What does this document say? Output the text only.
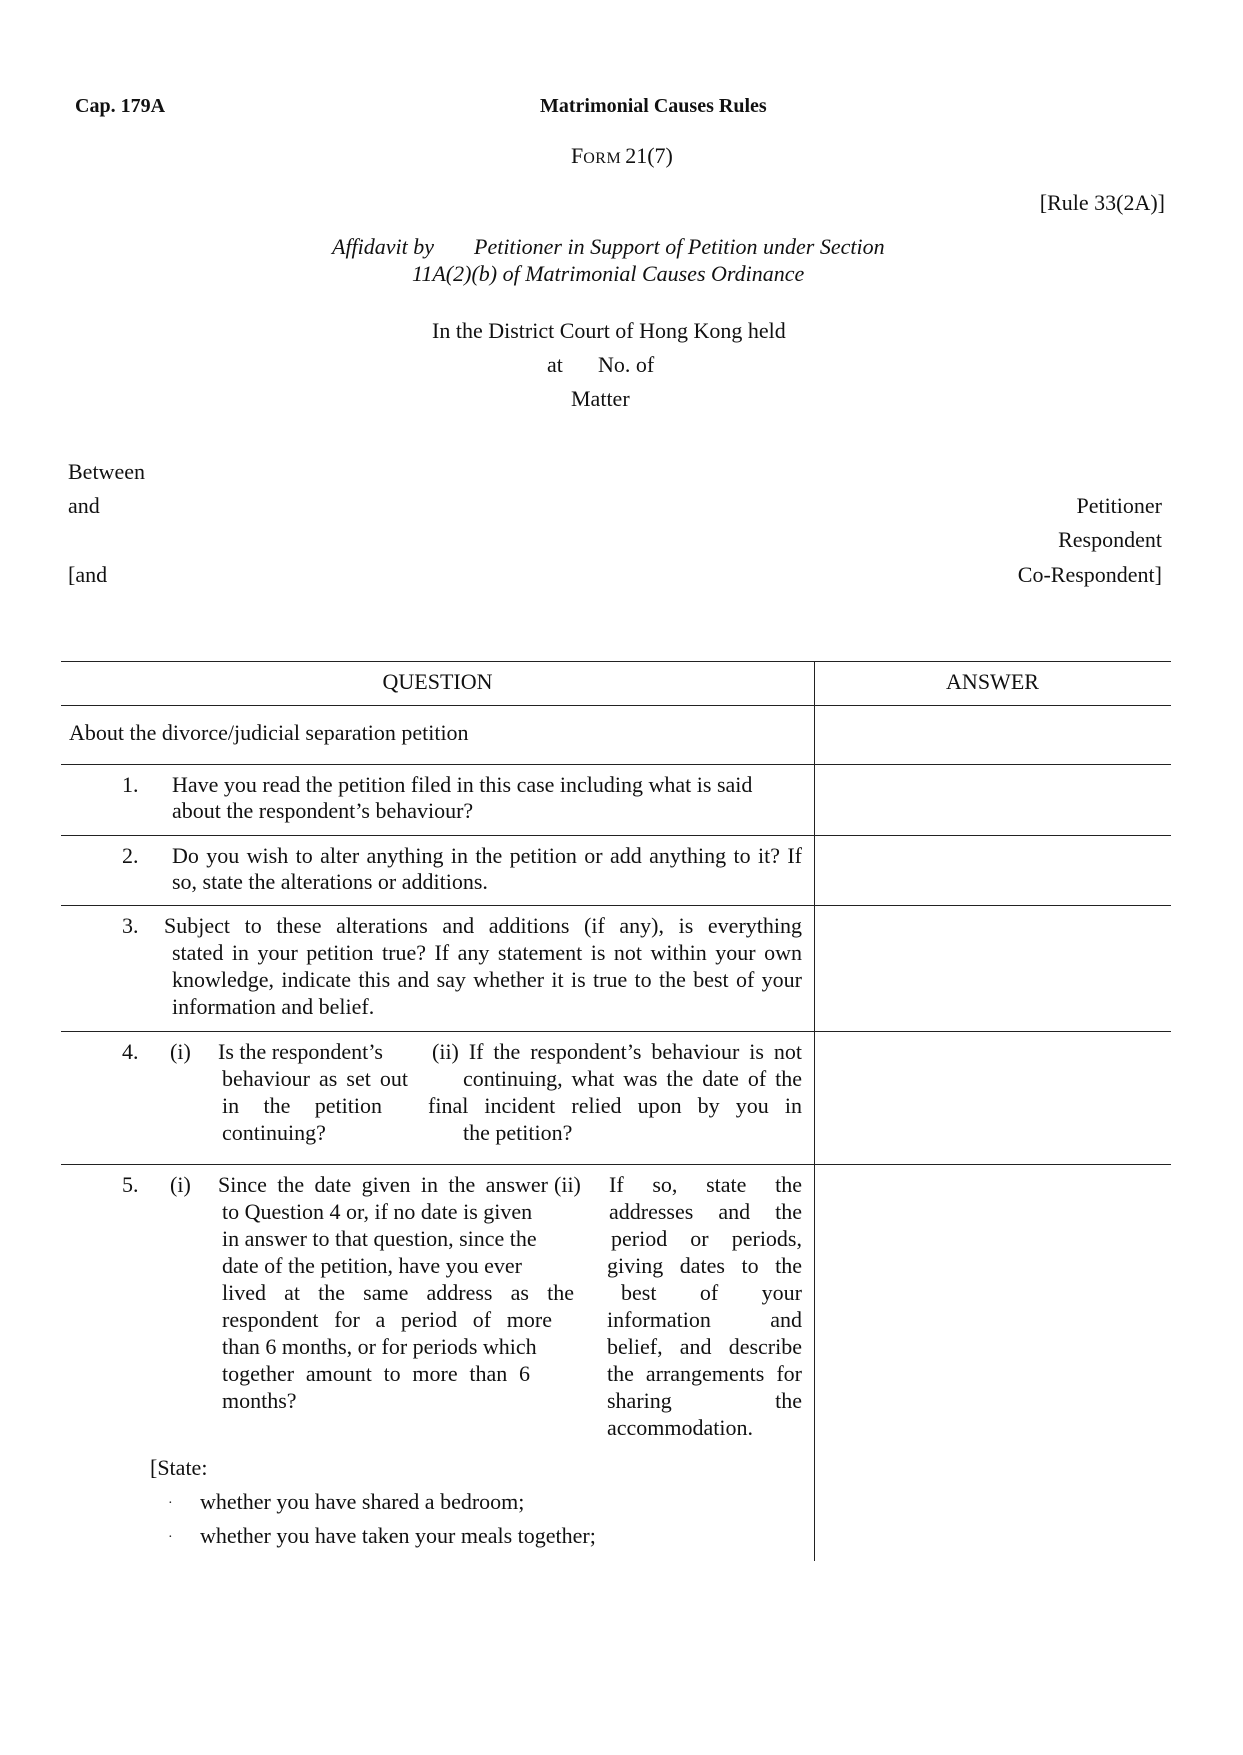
Cap. 179A	Matrimonial Causes Rules
FORM 21(7)
[Rule 33(2A)]
Affidavit by Petitioner in Support of Petition under Section
11A(2)(b) of Matrimonial Causes Ordinance
In the District Court of Hong Kong held
at No. of
Matter
Between
and
[and
Petitioner
Respondent
Co-Respondent]
QUESTION	ANSWER
About the divorce/judicial separation petition
1. Have you read the petition filed in this case including what is said
about the respondent’s behaviour?
2. Do you wish to alter anything in the petition or add anything to it? If
so, state the alterations or additions.
3. Subject to these alterations and additions (if any), is everything
stated in your petition true? If any statement is not within your own
knowledge, indicate this and say whether it is true to the best of your
information and belief.
4. (i) Is the respondent’s
behaviour as set out
in the petition
continuing?
(ii) If the respondent’s behaviour is not
continuing, what was the date of the
final incident relied upon by you in
the petition?
5. (i) Since the date given in the answer
to Question 4 or, if no date is given
in answer to that question, since the
date of the petition, have you ever
lived at the same address as the
respondent for a period of more
than 6 months, or for periods which
together amount to more than 6
months?
(ii) If so, state the
addresses and the
period or periods,
giving dates to the
best of your
information and
belief, and describe
the arrangements for
sharing the
accommodation.
[State:
· whether you have shared a bedroom;
· whether you have taken your meals together;
